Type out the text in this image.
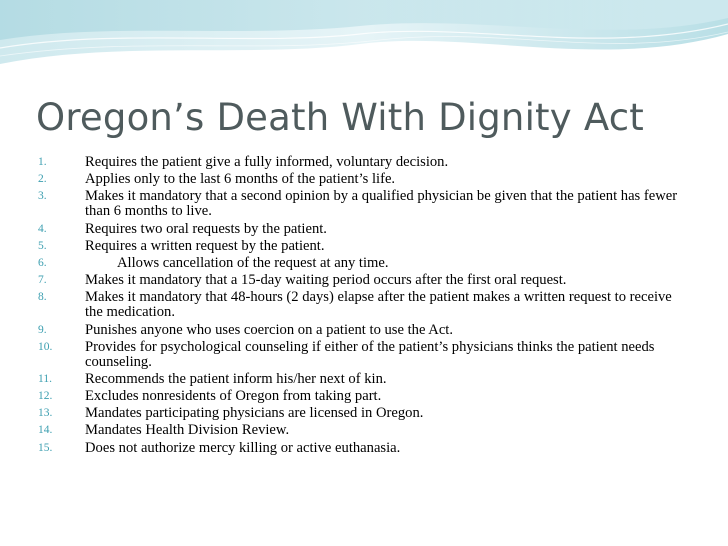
Oregon’s Death With Dignity Act
1.	Requires the patient give a fully informed, voluntary decision.
2.	Applies only to the last 6 months of the patient’s life.
3.	Makes it mandatory that a second opinion by a qualified physician be given that the patient has fewer than 6 months to live.
4.	Requires two oral requests by the patient.
5.	Requires a written request by the patient.
6.	Allows cancellation of the request at any time.
7.	Makes it mandatory that a 15-day waiting period occurs after the first oral request.
8.	Makes it mandatory that 48-hours (2 days) elapse after the patient makes a written request to receive the medication.
9.	Punishes anyone who uses coercion on a patient to use the Act.
10.	Provides for psychological counseling if either of the patient’s physicians thinks the patient needs counseling.
11.	Recommends the patient inform his/her next of kin.
12.	Excludes nonresidents of Oregon from taking part.
13.	Mandates participating physicians are licensed in Oregon.
14.	Mandates Health Division Review.
15.	Does not authorize mercy killing or active euthanasia.
